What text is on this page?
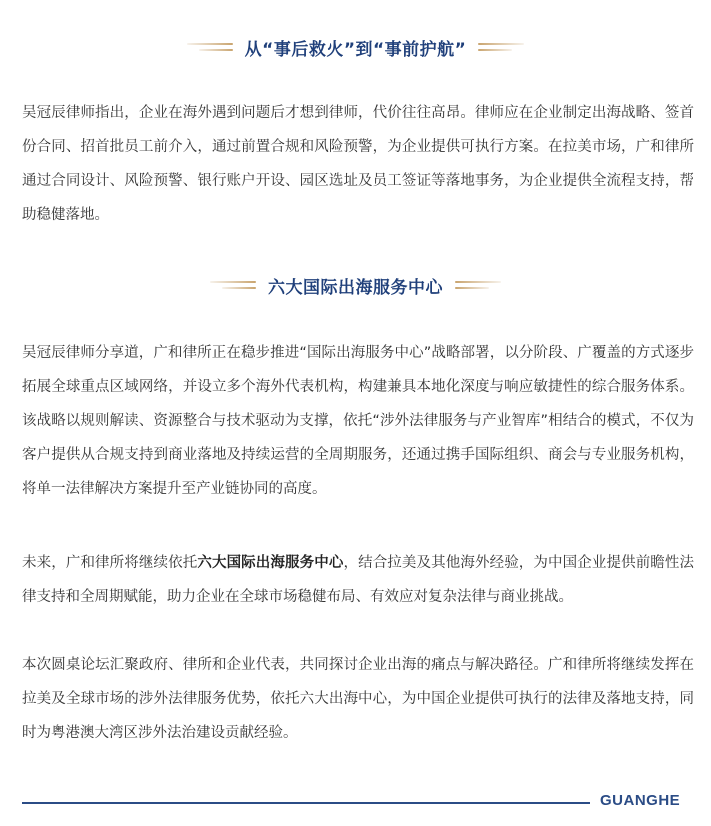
从“事后救火”到“事前护航”

吴冠辰律师指出，企业在海外遇到问题后才想到律师，代价往往高昂。律师应在企业制定出海战略、签首份合同、招首批员工前介入，通过前置合规和风险预警，为企业提供可执行方案。在拉美市场，广和律所通过合同设计、风险预警、银行账户开设、园区选址及员工签证等落地事务，为企业提供全流程支持，帮助稳健落地。

六大国际出海服务中心

吴冠辰律师分享道，广和律所正在稳步推进“国际出海服务中心”战略部署，以分阶段、广覆盖的方式逐步拓展全球重点区域网络，并设立多个海外代表机构，构建兼具本地化深度与响应敏捷性的综合服务体系。该战略以规则解读、资源整合与技术驱动为支撑，依托“涉外法律服务与产业智库”相结合的模式，不仅为客户提供从合规支持到商业落地及持续运营的全周期服务，还通过携手国际组织、商会与专业服务机构，将单一法律解决方案提升至产业链协同的高度。

未来，广和律所将继续依托六大国际出海服务中心，结合拉美及其他海外经验，为中国企业提供前瞻性法律支持和全周期赋能，助力企业在全球市场稳健布局、有效应对复杂法律与商业挑战。

本次圆桌论坛汇聚政府、律所和企业代表，共同探讨企业出海的痛点与解决路径。广和律所将继续发挥在拉美及全球市场的涉外法律服务优势，依托六大出海中心，为中国企业提供可执行的法律及落地支持，同时为粤港澳大湾区涉外法治建设贡献经验。

GUANGHE
